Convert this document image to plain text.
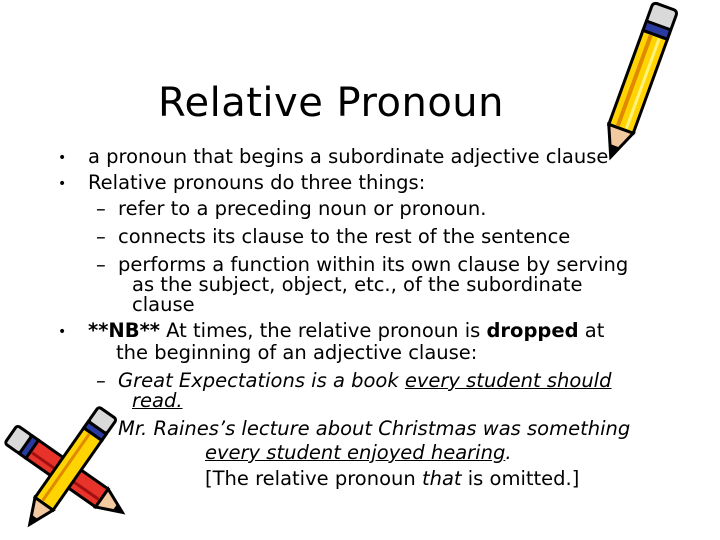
Relative Pronoun
• a pronoun that begins a subordinate adjective clause
• Relative pronouns do three things:
– refer to a preceding noun or pronoun.
– connects its clause to the rest of the sentence
– performs a function within its own clause by serving
as the subject, object, etc., of the subordinate
clause
• **NB** At times, the relative pronoun is dropped at
the beginning of an adjective clause:
– Great Expectations is a book every student should
read.
Mr. Raines’s lecture about Christmas was something
every student enjoyed hearing.
[The relative pronoun that is omitted.]
